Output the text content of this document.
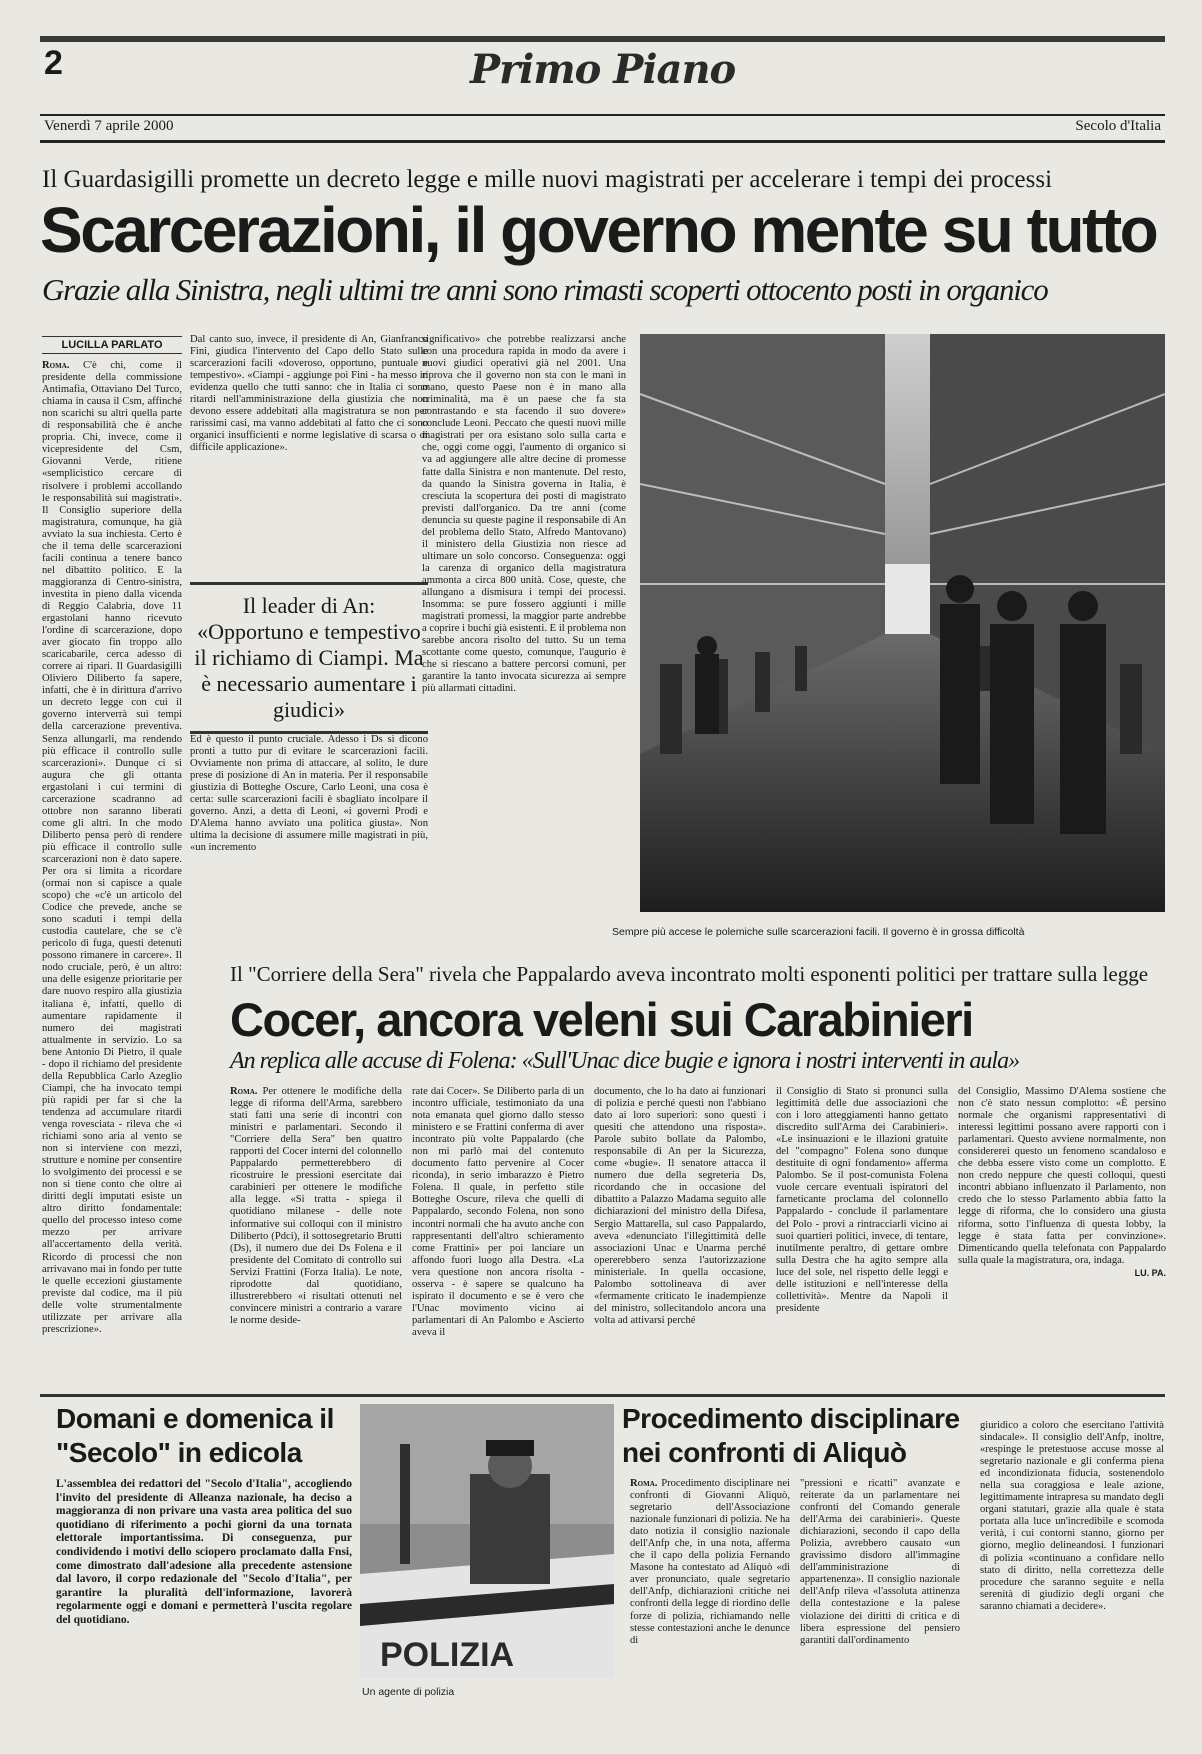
2	Primo Piano
Venerdì 7 aprile 2000	Secolo d'Italia
Il Guardasigilli promette un decreto legge e mille nuovi magistrati per accelerare i tempi dei processi
Scarcerazioni, il governo mente su tutto
Grazie alla Sinistra, negli ultimi tre anni sono rimasti scoperti ottocento posti in organico
LUCILLA PARLATO
Roma. C'è chi, come il presidente della commissione Antimafia, Ottaviano Del Turco, chiama in causa il Csm, affinché non scarichi su altri quella parte di responsabilità che è anche propria. Chi, invece, come il vicepresidente del Csm, Giovanni Verde, ritiene «semplicistico cercare di risolvere i problemi accollando le responsabilità sui magistrati». Il Consiglio superiore della magistratura, comunque, ha già avviato la sua inchiesta. Certo è che il tema delle scarcerazioni facili continua a tenere banco nel dibattito politico. E la maggioranza di Centro-sinistra, investita in pieno dalla vicenda di Reggio Calabria, dove 11 ergastolani hanno ricevuto l'ordine di scarcerazione, dopo aver giocato fin troppo allo scaricabarile, cerca adesso di correre ai ripari. Il Guardasigilli Oliviero Diliberto fa sapere, infatti, che è in dirittura d'arrivo un decreto legge con cui il governo interverrà sui tempi della carcerazione preventiva. Senza allungarli, ma rendendo più efficace il controllo sulle scarcerazioni». Dunque ci si augura che gli ottanta ergastolani i cui termini di carcerazione scadranno ad ottobre non saranno liberati come gli altri. In che modo Diliberto pensa però di rendere più efficace il controllo sulle scarcerazioni non è dato sapere. Per ora si limita a ricordare (ormai non si capisce a quale scopo) che «c'è un articolo del Codice che prevede, anche se sono scaduti i tempi della custodia cautelare, che se c'è pericolo di fuga, questi detenuti possono rimanere in carcere». Il nodo cruciale, però, è un altro: una delle esigenze prioritarie per dare nuovo respiro alla giustizia italiana è, infatti, quello di aumentare rapidamente il numero dei magistrati attualmente in servizio. Lo sa bene Antonio Di Pietro, il quale - dopo il richiamo del presidente della Repubblica Carlo Azeglio Ciampi, che ha invocato tempi più rapidi per far sì che la tendenza ad accumulare ritardi venga rovesciata - rileva che «i richiami sono aria al vento se non si interviene con mezzi, strutture e nomine per consentire lo svolgimento dei processi e se non si tiene conto che oltre ai diritti degli imputati esiste un altro diritto fondamentale: quello del processo inteso come mezzo per arrivare all'accertamento della verità. Ricordo di processi che non arrivavano mai in fondo per tutte le quelle eccezioni giustamente previste dal codice, ma il più delle volte strumentalmente utilizzate per arrivare alla prescrizione».
Dal canto suo, invece, il presidente di An, Gianfranco Fini, giudica l'intervento del Capo dello Stato sulle scarcerazioni facili «doveroso, opportuno, puntuale e tempestivo». «Ciampi - aggiunge poi Fini - ha messo in evidenza quello che tutti sanno: che in Italia ci sono ritardi nell'amministrazione della giustizia che non devono essere addebitati alla magistratura se non per rarissimi casi, ma vanno addebitati al fatto che ci sono organici insufficienti e norme legislative di scarsa o di difficile applicazione».
Il leader di An: «Opportuno e tempestivo il richiamo di Ciampi. Ma è necessario aumentare i giudici»
Ed è questo il punto cruciale. Adesso i Ds si dicono pronti a tutto pur di evitare le scarcerazioni facili. Ovviamente non prima di attaccare, al solito, le dure prese di posizione di An in materia. Per il responsabile giustizia di Botteghe Oscure, Carlo Leoni, una cosa è certa: sulle scarcerazioni facili è sbagliato incolpare il governo. Anzi, a detta di Leoni, «i governi Prodi e D'Alema hanno avviato una politica giusta». Non ultima la decisione di assumere mille magistrati in più, «un incremento
significativo» che potrebbe realizzarsi anche con una procedura rapida in modo da avere i nuovi giudici operativi già nel 2001. Una riprova che il governo non sta con le mani in mano, questo Paese non è in mano alla criminalità, ma è un paese che fa sta contrastando e sta facendo il suo dovere» conclude Leoni. Peccato che questi nuovi mille magistrati per ora esistano solo sulla carta e che, oggi come oggi, l'aumento di organico si va ad aggiungere alle altre decine di promesse fatte dalla Sinistra e non mantenute. Del resto, da quando la Sinistra governa in Italia, è cresciuta la scopertura dei posti di magistrato previsti dall'organico. Da tre anni (come denuncia su queste pagine il responsabile di An del problema dello Stato, Alfredo Mantovano) il ministero della Giustizia non riesce ad ultimare un solo concorso. Conseguenza: oggi la carenza di organico della magistratura ammonta a circa 800 unità. Cose, queste, che allungano a dismisura i tempi dei processi. Insomma: se pure fossero aggiunti i mille magistrati promessi, la maggior parte andrebbe a coprire i buchi già esistenti. E il problema non sarebbe ancora risolto del tutto. Su un tema scottante come questo, comunque, l'augurio è che si riescano a battere percorsi comuni, per garantire la tanto invocata sicurezza ai sempre più allarmati cittadini.
Sempre più accese le polemiche sulle scarcerazioni facili. Il governo è in grossa difficoltà
Il "Corriere della Sera" rivela che Pappalardo aveva incontrato molti esponenti politici per trattare sulla legge
Cocer, ancora veleni sui Carabinieri
An replica alle accuse di Folena: «Sull'Unac dice bugie e ignora i nostri interventi in aula»
Roma. Per ottenere le modifiche della legge di riforma dell'Arma, sarebbero stati fatti una serie di incontri con ministri e parlamentari. Secondo il "Corriere della Sera" ben quattro rapporti del Cocer interni del colonnello Pappalardo permetterebbero di ricostruire le pressioni esercitate dai carabinieri per ottenere le modifiche alla legge. «Si tratta - spiega il quotidiano milanese - delle note informative sui colloqui con il ministro Diliberto (Pdci), il sottosegretario Brutti (Ds), il numero due dei Ds Folena e il presidente del Comitato di controllo sui Servizi Frattini (Forza Italia). Le note, riprodotte dal quotidiano, illustrerebbero «i risultati ottenuti nel convincere ministri a contrario a varare le norme deside-
rate dai Cocer». Se Diliberto parla di un incontro ufficiale, testimoniato da una nota emanata quel giorno dallo stesso ministero e se Frattini conferma di aver incontrato più volte Pappalardo (che non mi parlò mai del contenuto documento fatto pervenire al Cocer riconda), in serio imbarazzo è Pietro Folena. Il quale, in perfetto stile Botteghe Oscure, rileva che quelli di Pappalardo, secondo Folena, non sono incontri normali che ha avuto anche con rappresentanti dell'altro schieramento come Frattini» per poi lanciare un affondo fuori luogo alla Destra. «La vera questione non ancora risolta - osserva - è sapere se qualcuno ha ispirato il documento e se è vero che l'Unac movimento vicino ai parlamentari di An Palombo e Ascierto aveva il
documento, che lo ha dato ai funzionari di polizia e perché questi non l'abbiano dato ai loro superiori: sono questi i quesiti che attendono una risposta». Parole subito bollate da Palombo, responsabile di An per la Sicurezza, come «bugie». Il senatore attacca il numero due della segreteria Ds, ricordando che in occasione del dibattito a Palazzo Madama seguito alle dichiarazioni del ministro della Difesa, Sergio Mattarella, sul caso Pappalardo, aveva «denunciato l'illegittimità delle associazioni Unac e Unarma perché opererebbero senza l'autorizzazione ministeriale. In quella occasione, Palombo sottolineava di aver «fermamente criticato le inadempienze del ministro, sollecitandolo ancora una volta ad attivarsi perché
il Consiglio di Stato si pronunci sulla legittimità delle due associazioni che con i loro atteggiamenti hanno gettato discredito sull'Arma dei Carabinieri». «Le insinuazioni e le illazioni gratuite del "compagno" Folena sono dunque destituite di ogni fondamento» afferma Palombo. Se il post-comunista Folena vuole cercare eventuali ispiratori del farneticante proclama del colonnello Pappalardo - conclude il parlamentare del Polo - provi a rintracciarli vicino ai suoi quartieri politici, invece, di tentare, inutilmente peraltro, di gettare ombre sulla Destra che ha agito sempre alla luce del sole, nel rispetto delle leggi e delle istituzioni e nell'interesse della collettività». Mentre da Napoli il presidente
del Consiglio, Massimo D'Alema sostiene che non c'è stato nessun complotto: «È persino normale che organismi rappresentativi di interessi legittimi possano avere rapporti con i parlamentari. Questo avviene normalmente, non considererei questo un fenomeno scandaloso e che debba essere visto come un complotto. E non credo neppure che questi colloqui, questi incontri abbiano influenzato il Parlamento, non credo che lo stesso Parlamento abbia fatto la legge di riforma, che lo considero una giusta riforma, sotto l'influenza di questa lobby, la legge è stata fatta per convinzione». Dimenticando quella telefonata con Pappalardo sulla quale la magistratura, ora, indaga.
LU. PA.
Domani e domenica il "Secolo" in edicola
L'assemblea dei redattori del "Secolo d'Italia", accogliendo l'invito del presidente di Alleanza nazionale, ha deciso a maggioranza di non privare una vasta area politica del suo quotidiano di riferimento a pochi giorni da una tornata elettorale importantissima. Di conseguenza, pur condividendo i motivi dello sciopero proclamato dalla Fnsi, come dimostrato dall'adesione alla precedente astensione dal lavoro, il corpo redazionale del "Secolo d'Italia", per garantire la pluralità dell'informazione, lavorerà regolarmente oggi e domani e permetterà l'uscita regolare del quotidiano.
POLIZIA
Un agente di polizia
Procedimento disciplinare nei confronti di Aliquò
Roma. Procedimento disciplinare nei confronti di Giovanni Aliquò, segretario dell'Associazione nazionale funzionari di polizia. Ne ha dato notizia il consiglio nazionale dell'Anfp che, in una nota, afferma che il capo della polizia Fernando Masone ha contestato ad Aliquò «di aver pronunciato, quale segretario dell'Anfp, dichiarazioni critiche nei confronti della legge di riordino delle forze di polizia, richiamando nelle stesse contestazioni anche le denunce di
"pressioni e ricatti" avanzate e reiterate da un parlamentare nei confronti del Comando generale dell'Arma dei carabinieri». Queste dichiarazioni, secondo il capo della Polizia, avrebbero causato «un gravissimo disdoro all'immagine dell'amministrazione di appartenenza». Il consiglio nazionale dell'Anfp rileva «l'assoluta attinenza della contestazione e la palese violazione dei diritti di critica e di libera espressione del pensiero garantiti dall'ordinamento
giuridico a coloro che esercitano l'attività sindacale». Il consiglio dell'Anfp, inoltre, «respinge le pretestuose accuse mosse al segretario nazionale e gli conferma piena ed incondizionata fiducia, sostenendolo nella sua coraggiosa e leale azione, legittimamente intrapresa su mandato degli organi statutari, grazie alla quale è stata portata alla luce un'incredibile e scomoda verità, i cui contorni stanno, giorno per giorno, meglio delineandosi. I funzionari di polizia «continuano a confidare nello stato di diritto, nella correttezza delle procedure che saranno seguite e nella serenità di giudizio degli organi che saranno chiamati a decidere».
